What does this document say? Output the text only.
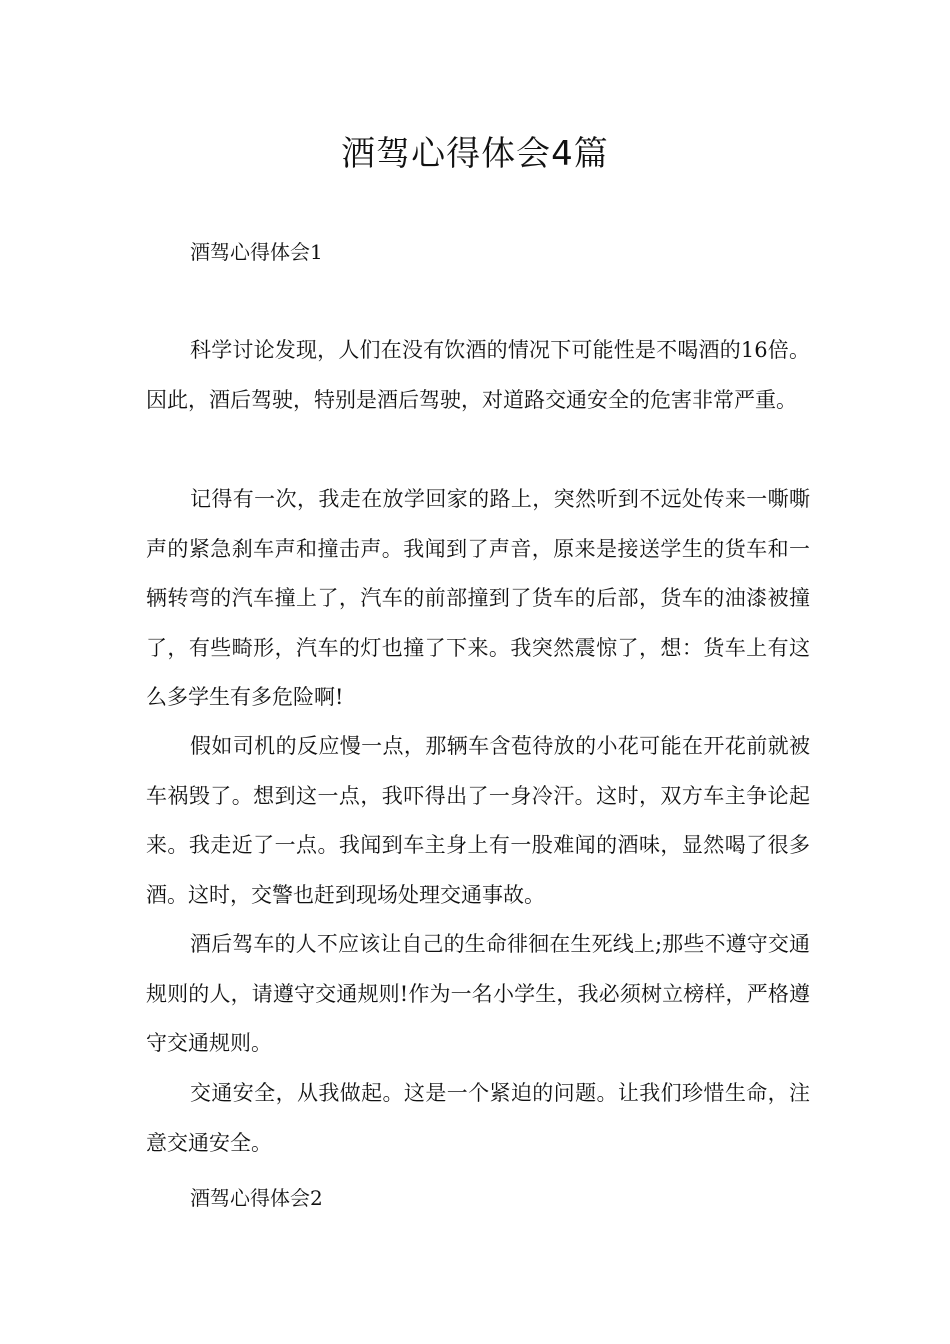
酒驾心得体会4篇
酒驾心得体会1

科学讨论发现，人们在没有饮酒的情况下可能性是不喝酒的16倍。因此，酒后驾驶，特别是酒后驾驶，对道路交通安全的危害非常严重。

记得有一次，我走在放学回家的路上，突然听到不远处传来一嘶嘶声的紧急刹车声和撞击声。我闻到了声音，原来是接送学生的货车和一辆转弯的汽车撞上了，汽车的前部撞到了货车的后部，货车的油漆被撞了，有些畸形，汽车的灯也撞了下来。我突然震惊了，想：货车上有这么多学生有多危险啊!

假如司机的反应慢一点，那辆车含苞待放的小花可能在开花前就被车祸毁了。想到这一点，我吓得出了一身冷汗。这时，双方车主争论起来。我走近了一点。我闻到车主身上有一股难闻的酒味，显然喝了很多酒。这时，交警也赶到现场处理交通事故。

酒后驾车的人不应该让自己的生命徘徊在生死线上;那些不遵守交通规则的人，请遵守交通规则!作为一名小学生，我必须树立榜样，严格遵守交通规则。

交通安全，从我做起。这是一个紧迫的问题。让我们珍惜生命，注意交通安全。

酒驾心得体会2
